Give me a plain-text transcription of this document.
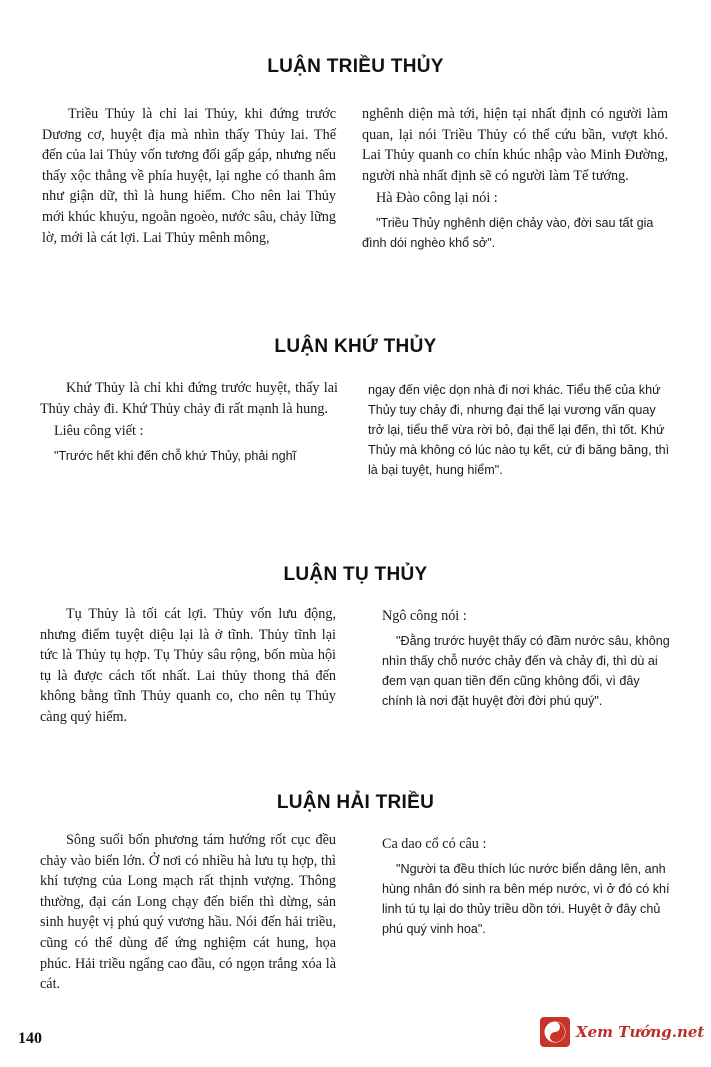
LUẬN TRIỀU THỦY

Triều Thủy là chỉ lai Thủy, khi đứng trước Dương cơ, huyệt địa mà nhìn thấy Thủy lai. Thế đến của lai Thủy vốn tương đối gấp gáp, nhưng nếu thấy xộc thẳng về phía huyệt, lại nghe có thanh âm như giận dữ, thì là hung hiểm. Cho nên lai Thủy mới khúc khuỷu, ngoằn ngoèo, nước sâu, chảy lững lờ, mới là cát lợi. Lai Thủy mênh mông,

nghênh diện mà tới, hiện tại nhất định có người làm quan, lại nói Triều Thủy có thể cứu bần, vượt khó. Lai Thủy quanh co chín khúc nhập vào Minh Đường, người nhà nhất định sẽ có người làm Tể tướng.

Hà Đào công lại nói :

"Triều Thủy nghênh diện chảy vào, đời sau tất gia đình dói nghèo khổ sở".

LUẬN KHỨ THỦY

Khứ Thủy là chỉ khi đứng trước huyệt, thấy lai Thủy chảy đi. Khứ Thủy chảy đi rất mạnh là hung.

Liêu công viết :

"Trước hết khi đến chỗ khứ Thủy, phải nghĩ

ngay đến việc dọn nhà đi nơi khác. Tiểu thế của khứ Thủy tuy chảy đi, nhưng đại thế lại vương vấn quay trở lại, tiểu thế vừa rời bỏ, đại thế lại đến, thì tốt. Khứ Thủy mà không có lúc nào tụ kết, cứ đi băng băng, thì là bại tuyệt, hung hiểm".

LUẬN TỤ THỦY

Tụ Thủy là tối cát lợi. Thủy vốn lưu động, nhưng điểm tuyệt diệu lại là ở tĩnh. Thủy tĩnh lại tức là Thủy tụ hợp. Tụ Thủy sâu rộng, bốn mùa hội tụ là được cách tốt nhất. Lai thủy thong thả đến không bằng tĩnh Thủy quanh co, cho nên tụ Thủy càng quý hiếm.

Ngô công nói :

"Đằng trước huyệt thấy có đầm nước sâu, không nhìn thấy chỗ nước chảy đến và chảy đi, thì dù ai đem vạn quan tiền đến cũng không đổi, vì đây chính là nơi đặt huyệt đời đời phú quý".

LUẬN HẢI TRIỀU

Sông suối bốn phương tám hướng rốt cục đều chảy vào biển lớn. Ở nơi có nhiều hà lưu tụ hợp, thì khí tượng của Long mạch rất thịnh vượng. Thông thường, đại cán Long chạy đến biển thì dừng, sản sinh huyệt vị phú quý vương hầu. Nói đến hải triều, cũng có thể dùng để ứng nghiệm cát hung, họa phúc. Hải triều ngẩng cao đầu, có ngọn trắng xóa là cát.

Ca dao cổ có câu :

"Người ta đều thích lúc nước biển dâng lên, anh hùng nhân đó sinh ra bên mép nước, vì ở đó có khí linh tú tụ lại do thủy triều dồn tới. Huyệt ở đây chủ phú quý vinh hoa".

140	Xem Tướng.net
